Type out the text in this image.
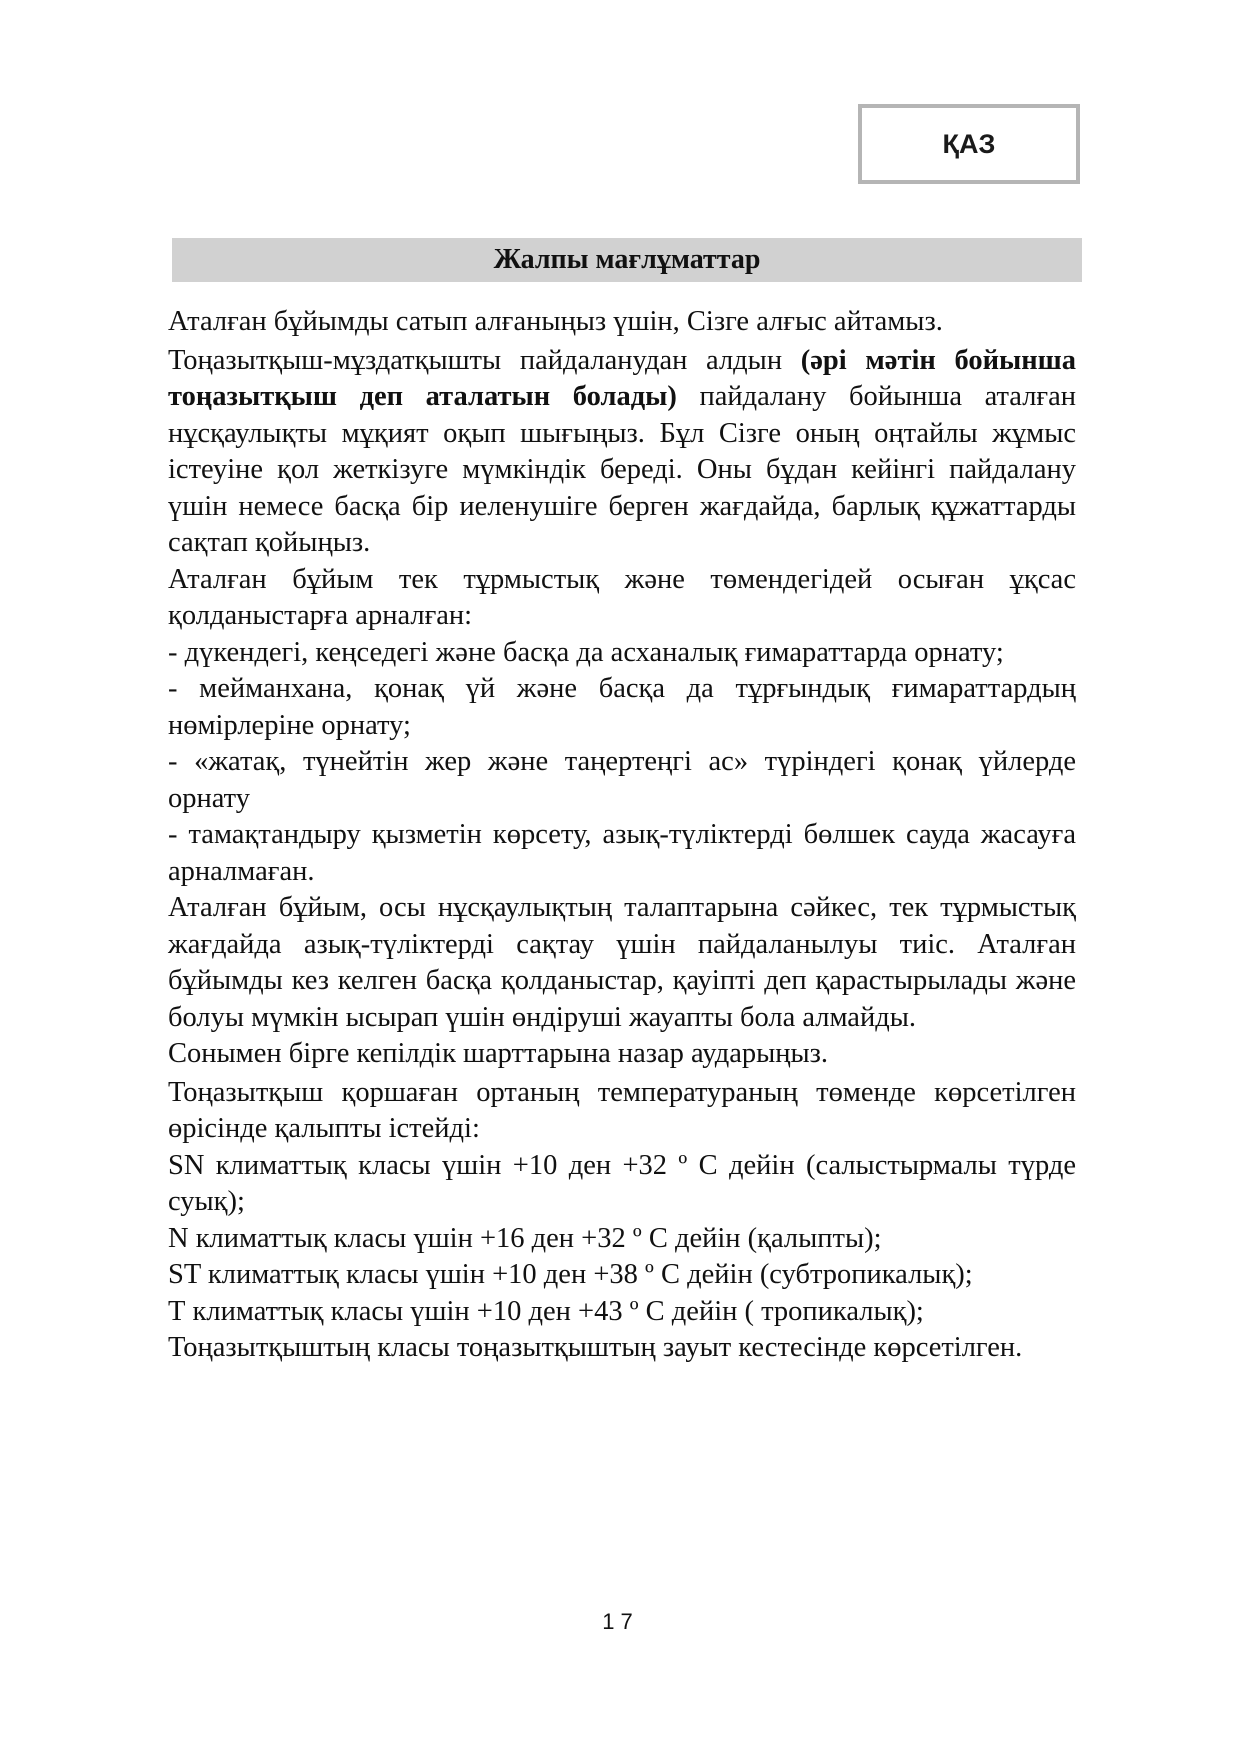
ҚАЗ
Жалпы мағлұматтар

Аталған бұйымды сатып алғаныңыз үшін, Сізге алғыс айтамыз.

Тоңазытқыш-мұздатқышты пайдаланудан алдын (әрі мәтін бойынша тоңазытқыш деп аталатын болады) пайдалану бойынша аталған нұсқаулықты мұқият оқып шығыңыз. Бұл Сізге оның оңтайлы жұмыс істеуіне қол жеткізуге мүмкіндік береді. Оны бұдан кейінгі пайдалану үшін немесе басқа бір иеленушіге берген жағдайда, барлық құжаттарды сақтап қойыңыз.

Аталған бұйым тек тұрмыстық және төмендегідей осыған ұқсас қолданыстарға арналған:

- дүкендегі, кеңседегі және басқа да асханалық ғимараттарда орнату;

- мейманхана, қонақ үй және басқа да тұрғындық ғимараттардың нөмірлеріне орнату;

- «жатақ, түнейтін жер және таңертеңгі ас» түріндегі қонақ үйлерде орнату

- тамақтандыру қызметін көрсету, азық-түліктерді бөлшек сауда жасауға арналмаған.

Аталған бұйым, осы нұсқаулықтың талаптарына сәйкес, тек тұрмыстық жағдайда азық-түліктерді сақтау үшін пайдаланылуы тиіс. Аталған бұйымды кез келген басқа қолданыстар, қауіпті деп қарастырылады және болуы мүмкін ысырап үшін өндіруші жауапты бола алмайды.

Сонымен бірге кепілдік шарттарына назар аударыңыз.

Тоңазытқыш қоршаған ортаның температураның төменде көрсетілген өрісінде қалыпты істейді:

SN климаттық класы үшін +10 ден +32 º С дейін (салыстырмалы түрде суық);

N климаттық класы үшін +16 ден +32 º С дейін (қалыпты);

ST климаттық класы үшін +10 ден +38 º С дейін (субтропикалық);

Т климаттық класы үшін +10 ден +43 º С дейін ( тропикалық);

Тоңазытқыштың класы тоңазытқыштың зауыт кестесінде көрсетілген.

17
